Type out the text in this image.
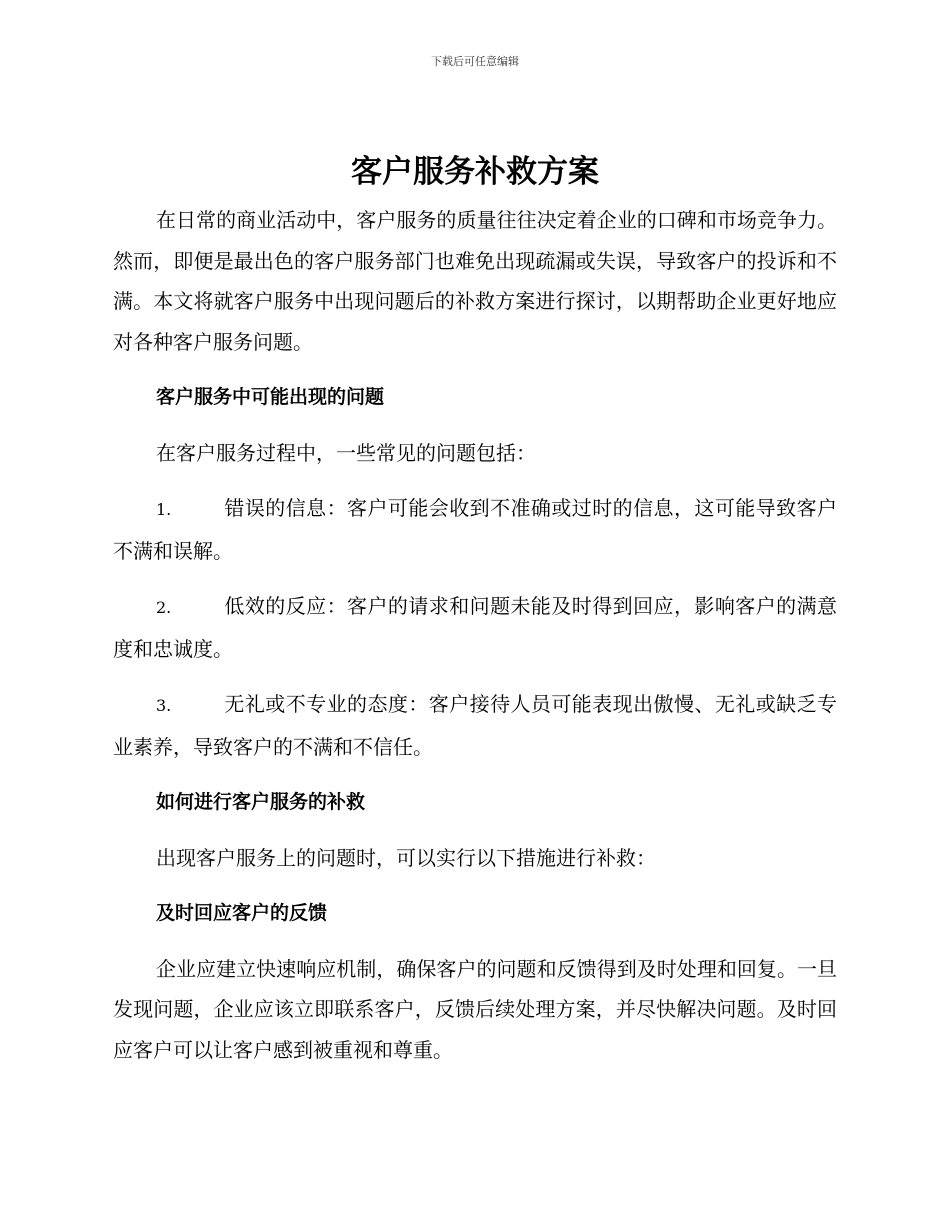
下载后可任意编辑
客户服务补救方案

在日常的商业活动中，客户服务的质量往往决定着企业的口碑和市场竞争力。然而，即便是最出色的客户服务部门也难免出现疏漏或失误，导致客户的投诉和不满。本文将就客户服务中出现问题后的补救方案进行探讨，以期帮助企业更好地应对各种客户服务问题。

客户服务中可能出现的问题

在客户服务过程中，一些常见的问题包括：

1.	错误的信息：客户可能会收到不准确或过时的信息，这可能导致客户不满和误解。

2.	低效的反应：客户的请求和问题未能及时得到回应，影响客户的满意度和忠诚度。

3.	无礼或不专业的态度：客户接待人员可能表现出傲慢、无礼或缺乏专业素养，导致客户的不满和不信任。

如何进行客户服务的补救

出现客户服务上的问题时，可以实行以下措施进行补救：

及时回应客户的反馈

企业应建立快速响应机制，确保客户的问题和反馈得到及时处理和回复。一旦发现问题，企业应该立即联系客户，反馈后续处理方案，并尽快解决问题。及时回应客户可以让客户感到被重视和尊重。
